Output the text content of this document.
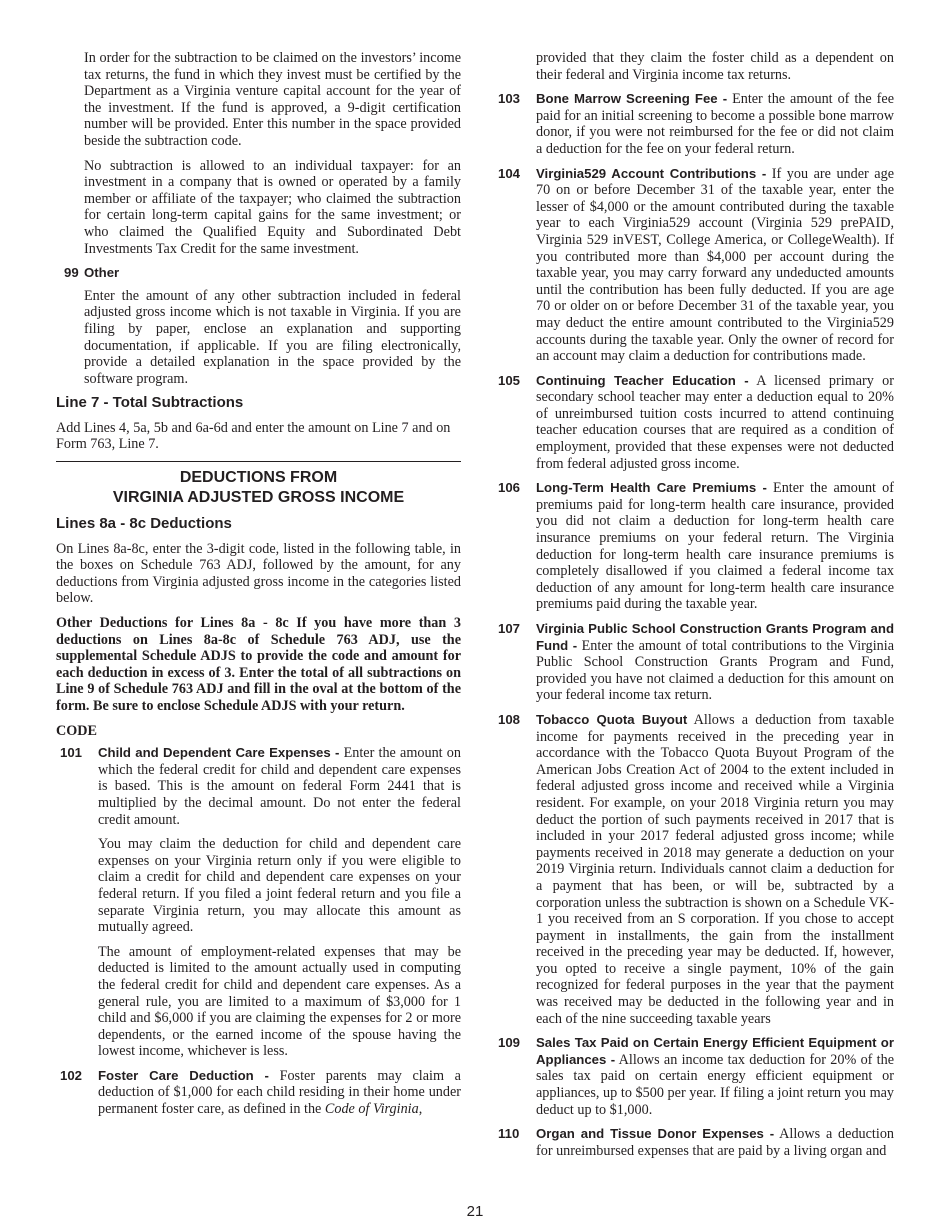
In order for the subtraction to be claimed on the investors’ income tax returns, the fund in which they invest must be certified by the Department as a Virginia venture capital account for the year of the investment. If the fund is approved, a 9-digit certification number will be provided. Enter this number in the space provided beside the subtraction code.

No subtraction is allowed to an individual taxpayer: for an investment in a company that is owned or operated by a family member or affiliate of the taxpayer; who claimed the subtraction for certain long-term capital gains for the same investment; or who claimed the Qualified Equity and Subordinated Debt Investments Tax Credit for the same investment.

99 Other

Enter the amount of any other subtraction included in federal adjusted gross income which is not taxable in Virginia. If you are filing by paper, enclose an explanation and supporting documentation, if applicable. If you are filing electronically, provide a detailed explanation in the space provided by the software program.

Line 7 - Total Subtractions

Add Lines 4, 5a, 5b and 6a-6d and enter the amount on Line 7 and on Form 763, Line 7.

DEDUCTIONS FROM
VIRGINIA ADJUSTED GROSS INCOME
Lines 8a - 8c Deductions

On Lines 8a-8c, enter the 3-digit code, listed in the following table, in the boxes on Schedule 763 ADJ, followed by the amount, for any deductions from Virginia adjusted gross income in the categories listed below.

Other Deductions for Lines 8a - 8c If you have more than 3 deductions on Lines 8a-8c of Schedule 763 ADJ, use the supplemental Schedule ADJS to provide the code and amount for each deduction in excess of 3. Enter the total of all subtractions on Line 9 of Schedule 763 ADJ and fill in the oval at the bottom of the form. Be sure to enclose Schedule ADJS with your return.

CODE
101	Child and Dependent Care Expenses - Enter the amount on which the federal credit for child and dependent care expenses is based. This is the amount on federal Form 2441 that is multiplied by the decimal amount. Do not enter the federal credit amount.

You may claim the deduction for child and dependent care expenses on your Virginia return only if you were eligible to claim a credit for child and dependent care expenses on your federal return. If you filed a joint federal return and you file a separate Virginia return, you may allocate this amount as mutually agreed.

The amount of employment-related expenses that may be deducted is limited to the amount actually used in computing the federal credit for child and dependent care expenses. As a general rule, you are limited to a maximum of $3,000 for 1 child and $6,000 if you are claiming the expenses for 2 or more dependents, or the earned income of the spouse having the lowest income, whichever is less.

102	Foster Care Deduction - Foster parents may claim a deduction of $1,000 for each child residing in their home under permanent foster care, as defined in the Code of Virginia,

provided that they claim the foster child as a dependent on their federal and Virginia income tax returns.

103	Bone Marrow Screening Fee - Enter the amount of the fee paid for an initial screening to become a possible bone marrow donor, if you were not reimbursed for the fee or did not claim a deduction for the fee on your federal return.
104	Virginia529 Account Contributions - If you are under age 70 on or before December 31 of the taxable year, enter the lesser of $4,000 or the amount contributed during the taxable year to each Virginia529 account (Virginia 529 prePAID, Virginia 529 inVEST, College America, or CollegeWealth). If you contributed more than $4,000 per account during the taxable year, you may carry forward any undeducted amounts until the contribution has been fully deducted. If you are age 70 or older on or before December 31 of the taxable year, you may deduct the entire amount contributed to the Virginia529 accounts during the taxable year. Only the owner of record for an account may claim a deduction for contributions made.
105	Continuing Teacher Education - A licensed primary or secondary school teacher may enter a deduction equal to 20% of unreimbursed tuition costs incurred to attend continuing teacher education courses that are required as a condition of employment, provided that these expenses were not deducted from federal adjusted gross income.
106	Long-Term Health Care Premiums - Enter the amount of premiums paid for long-term health care insurance, provided you did not claim a deduction for long-term health care insurance premiums on your federal return. The Virginia deduction for long-term health care insurance premiums is completely disallowed if you claimed a federal income tax deduction of any amount for long-term health care insurance premiums paid during the taxable year.
107	Virginia Public School Construction Grants Program and Fund - Enter the amount of total contributions to the Virginia Public School Construction Grants Program and Fund, provided you have not claimed a deduction for this amount on your federal income tax return.
108	Tobacco Quota Buyout Allows a deduction from taxable income for payments received in the preceding year in accordance with the Tobacco Quota Buyout Program of the American Jobs Creation Act of 2004 to the extent included in federal adjusted gross income and received while a Virginia resident. For example, on your 2018 Virginia return you may deduct the portion of such payments received in 2017 that is included in your 2017 federal adjusted gross income; while payments received in 2018 may generate a deduction on your 2019 Virginia return. Individuals cannot claim a deduction for a payment that has been, or will be, subtracted by a corporation unless the subtraction is shown on a Schedule VK-1 you received from an S corporation. If you chose to accept payment in installments, the gain from the installment received in the preceding year may be deducted. If, however, you opted to receive a single payment, 10% of the gain recognized for federal purposes in the year that the payment was received may be deducted in the following year and in each of the nine succeeding taxable years
109	Sales Tax Paid on Certain Energy Efficient Equipment or Appliances - Allows an income tax deduction for 20% of the sales tax paid on certain energy efficient equipment or appliances, up to $500 per year. If filing a joint return you may deduct up to $1,000.
110	Organ and Tissue Donor Expenses - Allows a deduction for unreimbursed expenses that are paid by a living organ and
21
